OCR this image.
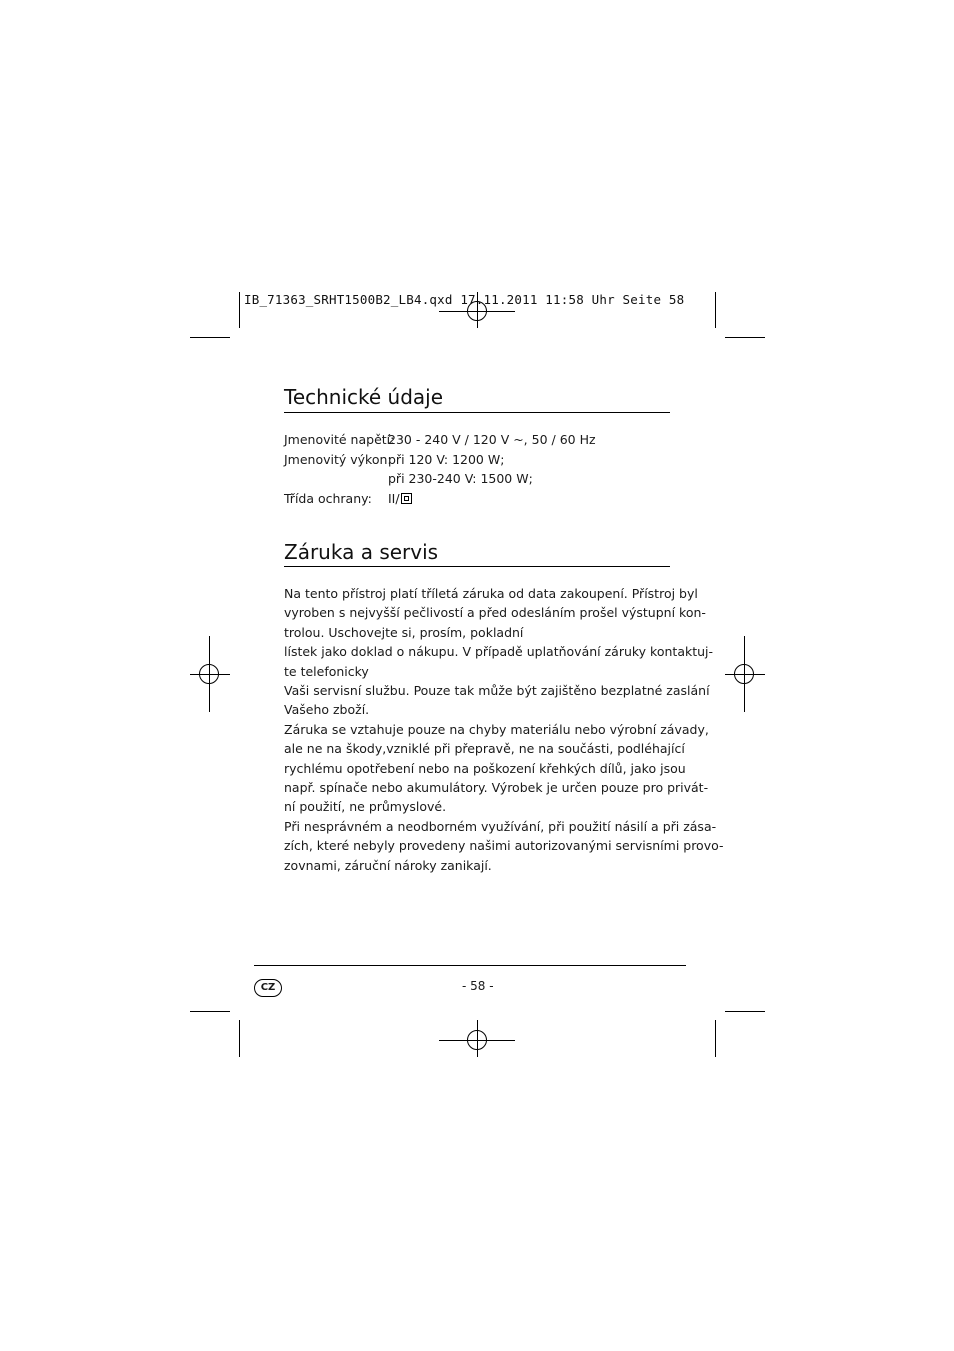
IB_71363_SRHT1500B2_LB4.qxd 17.11.2011 11:58 Uhr Seite 58
Technické údaje
Jmenovité napětí:
230 - 240 V / 120 V ~, 50 / 60 Hz
Jmenovitý výkon:
při 120 V: 1200 W;
při 230-240 V: 1500 W;
Třída ochrany:	II/
Záruka a servis
Na tento přístroj platí tříletá záruka od data zakoupení. Přístroj byl
vyroben s nejvyšší pečlivostí a před odesláním prošel výstupní kon-
trolou. Uschovejte si, prosím, pokladní
lístek jako doklad o nákupu. V případě uplatňování záruky kontaktuj-
te telefonicky
Vaši servisní službu. Pouze tak může být zajištěno bezplatné zaslání
Vašeho zboží.
Záruka se vztahuje pouze na chyby materiálu nebo výrobní závady,
ale ne na škody,vzniklé při přepravě, ne na součásti, podléhající
rychlému opotřebení nebo na poškození křehkých dílů, jako jsou
např. spínače nebo akumulátory. Výrobek je určen pouze pro privát-
ní použití, ne průmyslové.
Při nesprávném a neodborném využívání, při použití násilí a při zása-
zích, které nebyly provedeny našimi autorizovanými servisními provo-
zovnami, záruční nároky zanikají.
CZ	- 58 -
